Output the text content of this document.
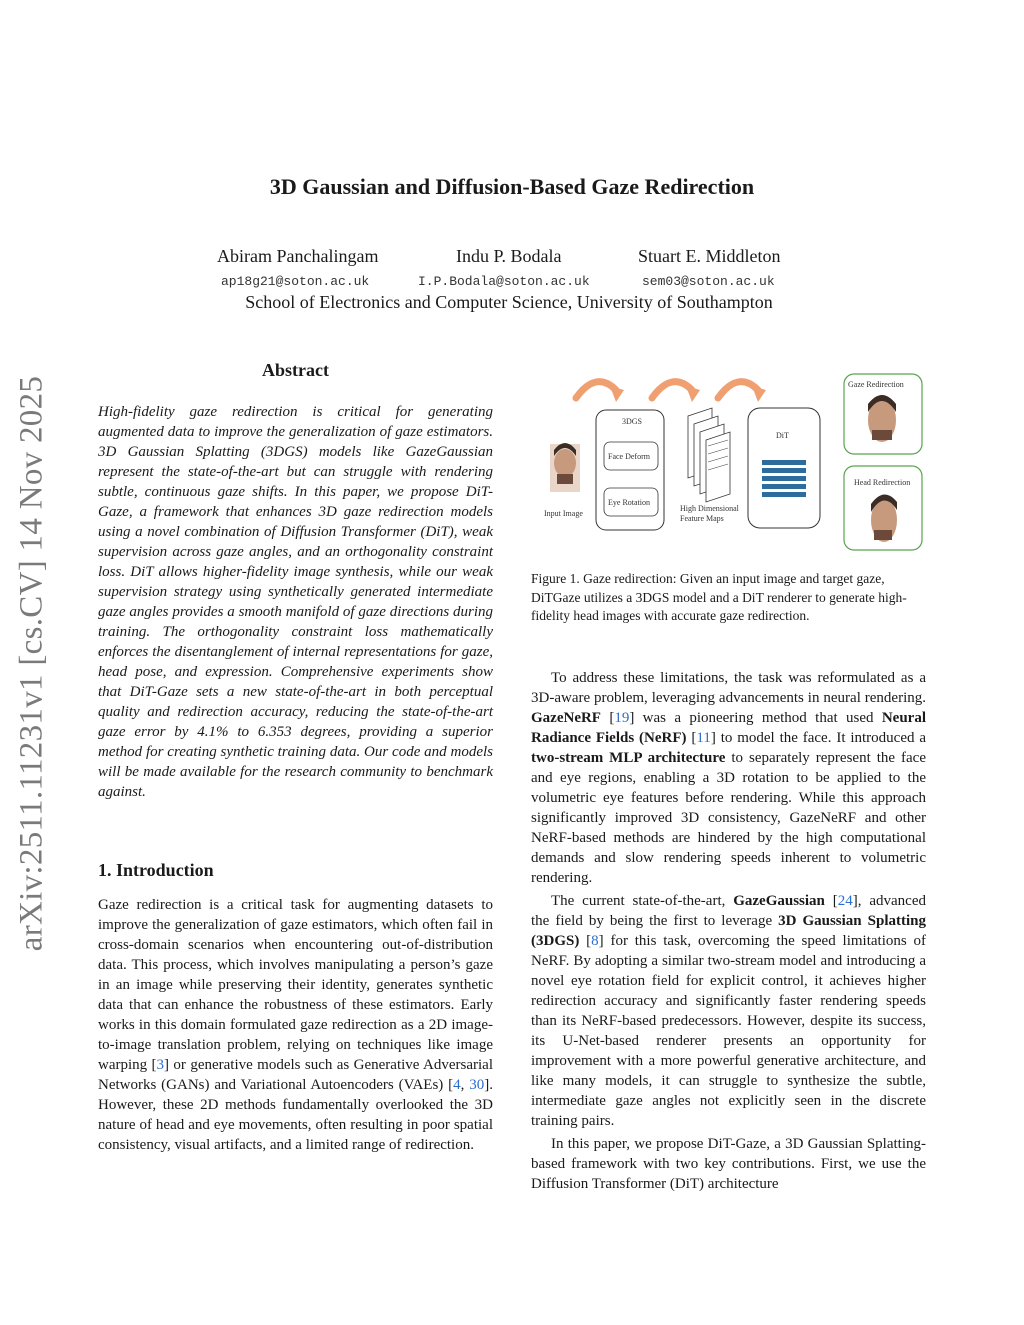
arXiv:2511.11231v1 [cs.CV] 14 Nov 2025
3D Gaussian and Diffusion-Based Gaze Redirection
Abiram Panchalingam	Indu P. Bodala	Stuart E. Middleton
ap18g21@soton.ac.uk	I.P.Bodala@soton.ac.uk	sem03@soton.ac.uk
School of Electronics and Computer Science, University of Southampton
Abstract
High-fidelity gaze redirection is critical for generating augmented data to improve the generalization of gaze estimators. 3D Gaussian Splatting (3DGS) models like GazeGaussian represent the state-of-the-art but can struggle with rendering subtle, continuous gaze shifts. In this paper, we propose DiT-Gaze, a framework that enhances 3D gaze redirection models using a novel combination of Diffusion Transformer (DiT), weak supervision across gaze angles, and an orthogonality constraint loss. DiT allows higher-fidelity image synthesis, while our weak supervision strategy using synthetically generated intermediate gaze angles provides a smooth manifold of gaze directions during training. The orthogonality constraint loss mathematically enforces the disentanglement of internal representations for gaze, head pose, and expression. Comprehensive experiments show that DiT-Gaze sets a new state-of-the-art in both perceptual quality and redirection accuracy, reducing the state-of-the-art gaze error by 4.1% to 6.353 degrees, providing a superior method for creating synthetic training data. Our code and models will be made available for the research community to benchmark against.
1. Introduction
Gaze redirection is a critical task for augmenting datasets to improve the generalization of gaze estimators, which often fail in cross-domain scenarios when encountering out-of-distribution data. This process, which involves manipulating a person’s gaze in an image while preserving their identity, generates synthetic data that can enhance the robustness of these estimators. Early works in this domain formulated gaze redirection as a 2D image-to-image translation problem, relying on techniques like image warping [3] or generative models such as Generative Adversarial Networks (GANs) and Variational Autoencoders (VAEs) [4, 30]. However, these 2D methods fundamentally overlooked the 3D nature of head and eye movements, often resulting in poor spatial consistency, visual artifacts, and a limited range of redirection.
Input Image
3DGS
Face Deform
Eye Rotation
High Dimensional
Feature Maps
DiT
Gaze Redirection
Head Redirection
Figure 1. Gaze redirection: Given an input image and target gaze, DiTGaze utilizes a 3DGS model and a DiT renderer to generate high-fidelity head images with accurate gaze redirection.
To address these limitations, the task was reformulated as a 3D-aware problem, leveraging advancements in neural rendering. GazeNeRF [19] was a pioneering method that used Neural Radiance Fields (NeRF) [11] to model the face. It introduced a two-stream MLP architecture to separately represent the face and eye regions, enabling a 3D rotation to be applied to the volumetric eye features before rendering. While this approach significantly improved 3D consistency, GazeNeRF and other NeRF-based methods are hindered by the high computational demands and slow rendering speeds inherent to volumetric rendering.
The current state-of-the-art, GazeGaussian [24], advanced the field by being the first to leverage 3D Gaussian Splatting (3DGS) [8] for this task, overcoming the speed limitations of NeRF. By adopting a similar two-stream model and introducing a novel eye rotation field for explicit control, it achieves higher redirection accuracy and significantly faster rendering speeds than its NeRF-based predecessors. However, despite its success, its U-Net-based renderer presents an opportunity for improvement with a more powerful generative architecture, and like many models, it can struggle to synthesize the subtle, intermediate gaze angles not explicitly seen in the discrete training pairs.
In this paper, we propose DiT-Gaze, a 3D Gaussian Splatting-based framework with two key contributions. First, we use the Diffusion Transformer (DiT) architecture
